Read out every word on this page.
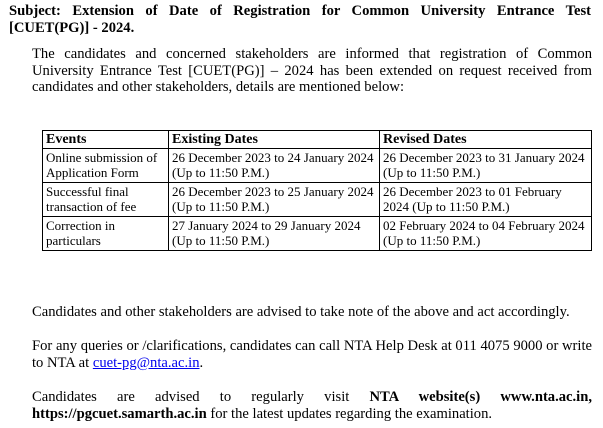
Subject: Extension of Date of Registration for Common University Entrance Test [CUET(PG)] - 2024.
The candidates and concerned stakeholders are informed that registration of Common University Entrance Test [CUET(PG)] – 2024 has been extended on request received from candidates and other stakeholders, details are mentioned below:
Events	Existing Dates	Revised Dates
Online submission of Application Form	26 December 2023 to 24 January 2024 (Up to 11:50 P.M.)	26 December 2023 to 31 January 2024 (Up to 11:50 P.M.)
Successful final transaction of fee	26 December 2023 to 25 January 2024 (Up to 11:50 P.M.)	26 December 2023 to 01 February 2024 (Up to 11:50 P.M.)
Correction in particulars	27 January 2024 to 29 January 2024 (Up to 11:50 P.M.)	02 February 2024 to 04 February 2024 (Up to 11:50 P.M.)
Candidates and other stakeholders are advised to take note of the above and act accordingly.
For any queries or /clarifications, candidates can call NTA Help Desk at 011 4075 9000 or write to NTA at cuet-pg@nta.ac.in.
Candidates are advised to regularly visit NTA website(s) www.nta.ac.in, https://pgcuet.samarth.ac.in for the latest updates regarding the examination.
